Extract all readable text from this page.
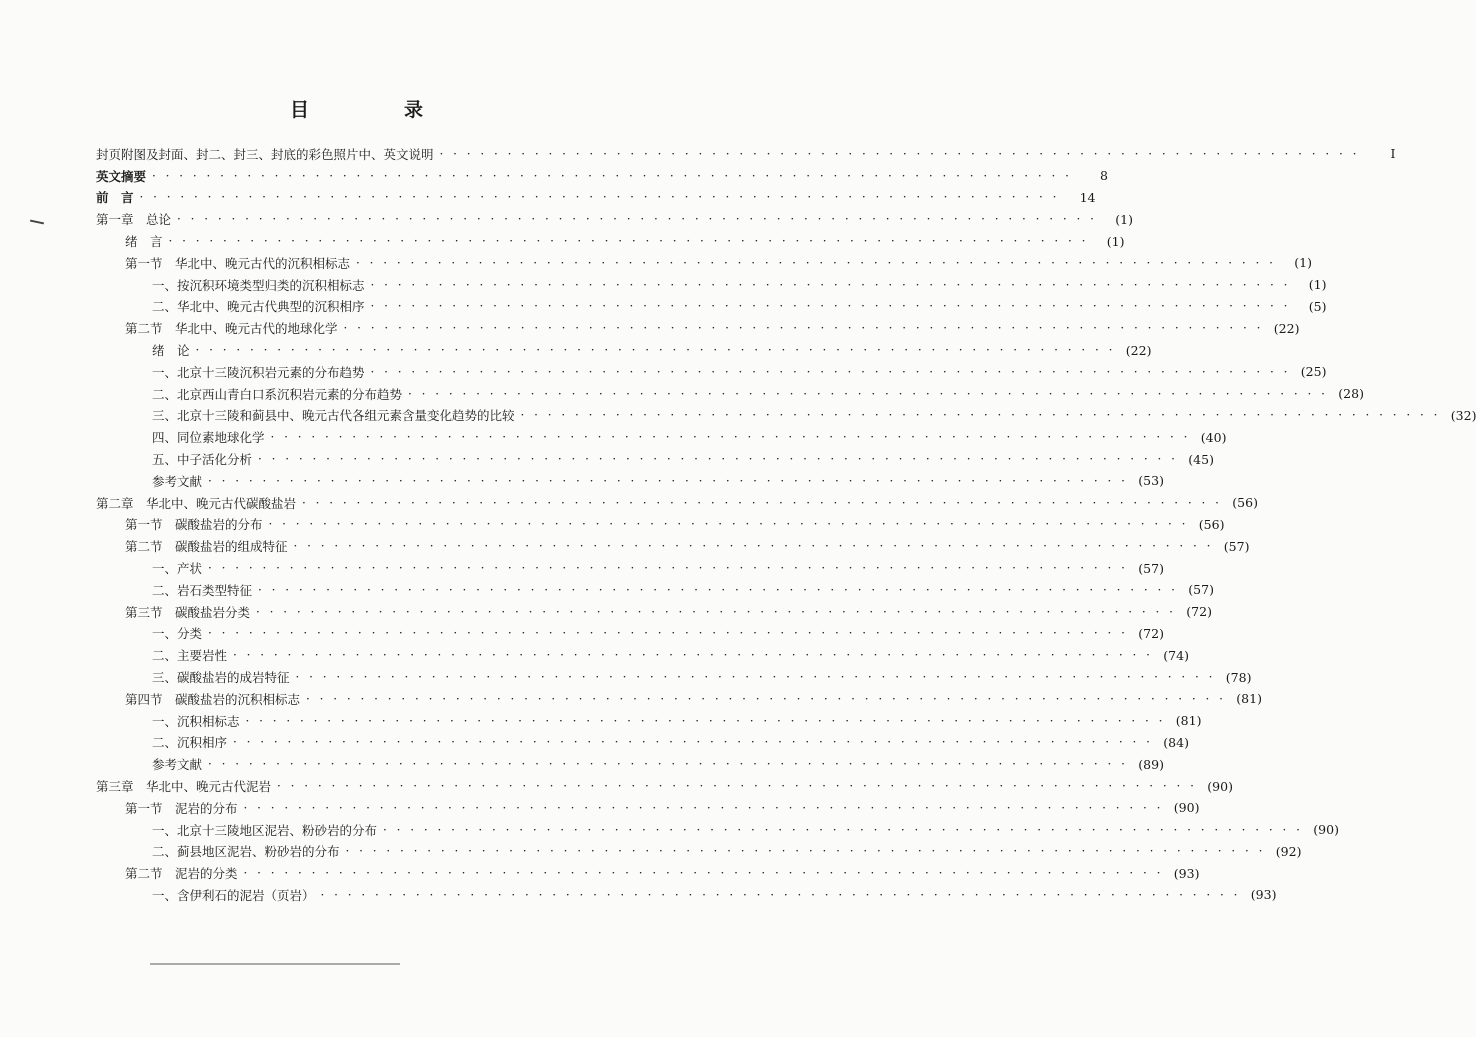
目　录
封页附图及封面、封二、封三、封底的彩色照片中、英文说明 · · · · · · · · · · · · · · · · · · · · · · · · · · · · · · · · · · · · · · · · · · · · · · · · · · · · · · · · · · · · · · · · · · · ·	I
英文摘要 · · · · · · · · · · · · · · · · · · · · · · · · · · · · · · · · · · · · · · · · · · · · · · · · · · · · · · · · · · · · · · · · · · · ·	8
前　言 · · · · · · · · · · · · · · · · · · · · · · · · · · · · · · · · · · · · · · · · · · · · · · · · · · · · · · · · · · · · · · · · · · · ·	14
第一章　总论 · · · · · · · · · · · · · · · · · · · · · · · · · · · · · · · · · · · · · · · · · · · · · · · · · · · · · · · · · · · · · · · · · · · ·	(1)
绪　言 · · · · · · · · · · · · · · · · · · · · · · · · · · · · · · · · · · · · · · · · · · · · · · · · · · · · · · · · · · · · · · · · · · · ·	(1)
第一节　华北中、晚元古代的沉积相标志 · · · · · · · · · · · · · · · · · · · · · · · · · · · · · · · · · · · · · · · · · · · · · · · · · · · · · · · · · · · · · · · · · · · ·	(1)
一、按沉积环境类型归类的沉积相标志 · · · · · · · · · · · · · · · · · · · · · · · · · · · · · · · · · · · · · · · · · · · · · · · · · · · · · · · · · · · · · · · · · · · ·	(1)
二、华北中、晚元古代典型的沉积相序 · · · · · · · · · · · · · · · · · · · · · · · · · · · · · · · · · · · · · · · · · · · · · · · · · · · · · · · · · · · · · · · · · · · ·	(5)
第二节　华北中、晚元古代的地球化学 · · · · · · · · · · · · · · · · · · · · · · · · · · · · · · · · · · · · · · · · · · · · · · · · · · · · · · · · · · · · · · · · · · · · (22)
绪　论 · · · · · · · · · · · · · · · · · · · · · · · · · · · · · · · · · · · · · · · · · · · · · · · · · · · · · · · · · · · · · · · · · · · · (22)
一、北京十三陵沉积岩元素的分布趋势 · · · · · · · · · · · · · · · · · · · · · · · · · · · · · · · · · · · · · · · · · · · · · · · · · · · · · · · · · · · · · · · · · · · · (25)
二、北京西山青白口系沉积岩元素的分布趋势 · · · · · · · · · · · · · · · · · · · · · · · · · · · · · · · · · · · · · · · · · · · · · · · · · · · · · · · · · · · · · · · · · · · · (28)
三、北京十三陵和蓟县中、晚元古代各组元素含量变化趋势的比较 · · · · · · · · · · · · · · · · · · · · · · · · · · · · · · · · · · · · · · · · · · · · · · · · · · · · · · · · · · · · · · · · · · · · (32)
四、同位素地球化学 · · · · · · · · · · · · · · · · · · · · · · · · · · · · · · · · · · · · · · · · · · · · · · · · · · · · · · · · · · · · · · · · · · · · (40)
五、中子活化分析 · · · · · · · · · · · · · · · · · · · · · · · · · · · · · · · · · · · · · · · · · · · · · · · · · · · · · · · · · · · · · · · · · · · · (45)
参考文献 · · · · · · · · · · · · · · · · · · · · · · · · · · · · · · · · · · · · · · · · · · · · · · · · · · · · · · · · · · · · · · · · · · · · (53)
第二章　华北中、晚元古代碳酸盐岩 · · · · · · · · · · · · · · · · · · · · · · · · · · · · · · · · · · · · · · · · · · · · · · · · · · · · · · · · · · · · · · · · · · · · (56)
第一节　碳酸盐岩的分布 · · · · · · · · · · · · · · · · · · · · · · · · · · · · · · · · · · · · · · · · · · · · · · · · · · · · · · · · · · · · · · · · · · · · (56)
第二节　碳酸盐岩的组成特征 · · · · · · · · · · · · · · · · · · · · · · · · · · · · · · · · · · · · · · · · · · · · · · · · · · · · · · · · · · · · · · · · · · · · (57)
一、产状 · · · · · · · · · · · · · · · · · · · · · · · · · · · · · · · · · · · · · · · · · · · · · · · · · · · · · · · · · · · · · · · · · · · · (57)
二、岩石类型特征 · · · · · · · · · · · · · · · · · · · · · · · · · · · · · · · · · · · · · · · · · · · · · · · · · · · · · · · · · · · · · · · · · · · · (57)
第三节　碳酸盐岩分类 · · · · · · · · · · · · · · · · · · · · · · · · · · · · · · · · · · · · · · · · · · · · · · · · · · · · · · · · · · · · · · · · · · · · (72)
一、分类 · · · · · · · · · · · · · · · · · · · · · · · · · · · · · · · · · · · · · · · · · · · · · · · · · · · · · · · · · · · · · · · · · · · · (72)
二、主要岩性 · · · · · · · · · · · · · · · · · · · · · · · · · · · · · · · · · · · · · · · · · · · · · · · · · · · · · · · · · · · · · · · · · · · · (74)
三、碳酸盐岩的成岩特征 · · · · · · · · · · · · · · · · · · · · · · · · · · · · · · · · · · · · · · · · · · · · · · · · · · · · · · · · · · · · · · · · · · · · (78)
第四节　碳酸盐岩的沉积相标志 · · · · · · · · · · · · · · · · · · · · · · · · · · · · · · · · · · · · · · · · · · · · · · · · · · · · · · · · · · · · · · · · · · · · (81)
一、沉积相标志 · · · · · · · · · · · · · · · · · · · · · · · · · · · · · · · · · · · · · · · · · · · · · · · · · · · · · · · · · · · · · · · · · · · · (81)
二、沉积相序 · · · · · · · · · · · · · · · · · · · · · · · · · · · · · · · · · · · · · · · · · · · · · · · · · · · · · · · · · · · · · · · · · · · · (84)
参考文献 · · · · · · · · · · · · · · · · · · · · · · · · · · · · · · · · · · · · · · · · · · · · · · · · · · · · · · · · · · · · · · · · · · · · (89)
第三章　华北中、晚元古代泥岩 · · · · · · · · · · · · · · · · · · · · · · · · · · · · · · · · · · · · · · · · · · · · · · · · · · · · · · · · · · · · · · · · · · · · (90)
第一节　泥岩的分布 · · · · · · · · · · · · · · · · · · · · · · · · · · · · · · · · · · · · · · · · · · · · · · · · · · · · · · · · · · · · · · · · · · · · (90)
一、北京十三陵地区泥岩、粉砂岩的分布 · · · · · · · · · · · · · · · · · · · · · · · · · · · · · · · · · · · · · · · · · · · · · · · · · · · · · · · · · · · · · · · · · · · · (90)
二、蓟县地区泥岩、粉砂岩的分布 · · · · · · · · · · · · · · · · · · · · · · · · · · · · · · · · · · · · · · · · · · · · · · · · · · · · · · · · · · · · · · · · · · · · (92)
第二节　泥岩的分类 · · · · · · · · · · · · · · · · · · · · · · · · · · · · · · · · · · · · · · · · · · · · · · · · · · · · · · · · · · · · · · · · · · · · (93)
一、含伊利石的泥岩（页岩） · · · · · · · · · · · · · · · · · · · · · · · · · · · · · · · · · · · · · · · · · · · · · · · · · · · · · · · · · · · · · · · · · · · · (93)
